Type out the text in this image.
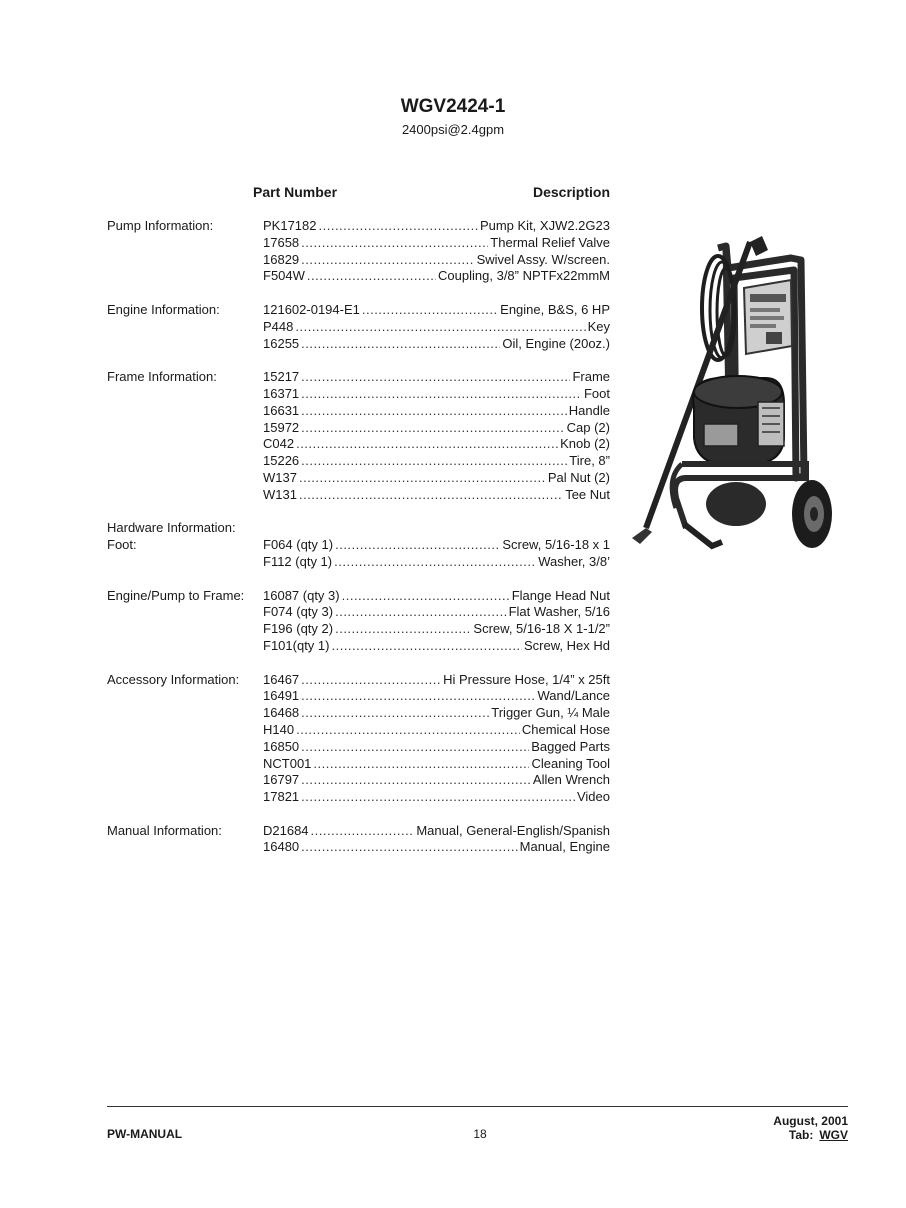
WGV2424-1
2400psi@2.4gpm
Part Number	Description
Pump Information:	PK17182 .....	Pump Kit, XJW2.2G23
17658 .....	Thermal Relief Valve
16829 .....	Swivel Assy. W/screen.
F504W .....	Coupling, 3/8” NPTFx22mmM
Engine Information:	121602-0194-E1 .....	Engine, B&S, 6 HP
P448 .....	Key
16255 .....	Oil, Engine (20oz.)
Frame Information:	15217 .....	Frame
16371 .....	Foot
16631 .....	Handle
15972 .....	Cap (2)
C042 .....	Knob (2)
15226 .....	Tire, 8”
W137 .....	Pal Nut (2)
W131 .....	Tee Nut
Hardware Information:
Foot:	F064 (qty 1) .....	Screw, 5/16-18 x 1
F112 (qty 1) .....	Washer, 3/8’
Engine/Pump to Frame:	16087 (qty 3) .....	Flange Head Nut
F074 (qty 3) .....	Flat Washer, 5/16
F196 (qty 2) .....	Screw, 5/16-18 X 1-1/2”
F101(qty 1) .....	Screw, Hex Hd
Accessory Information:	16467 .....	Hi Pressure Hose, 1/4” x 25ft
16491 .....	Wand/Lance
16468 .....	Trigger Gun, ¼ Male
H140 .....	Chemical Hose
16850 .....	Bagged Parts
NCT001 .....	Cleaning Tool
16797 .....	Allen Wrench
17821 .....	Video
Manual Information:	D21684 .....	Manual, General-English/Spanish
16480 .....	Manual, Engine
PW-MANUAL	18
August, 2001
Tab: WGV
